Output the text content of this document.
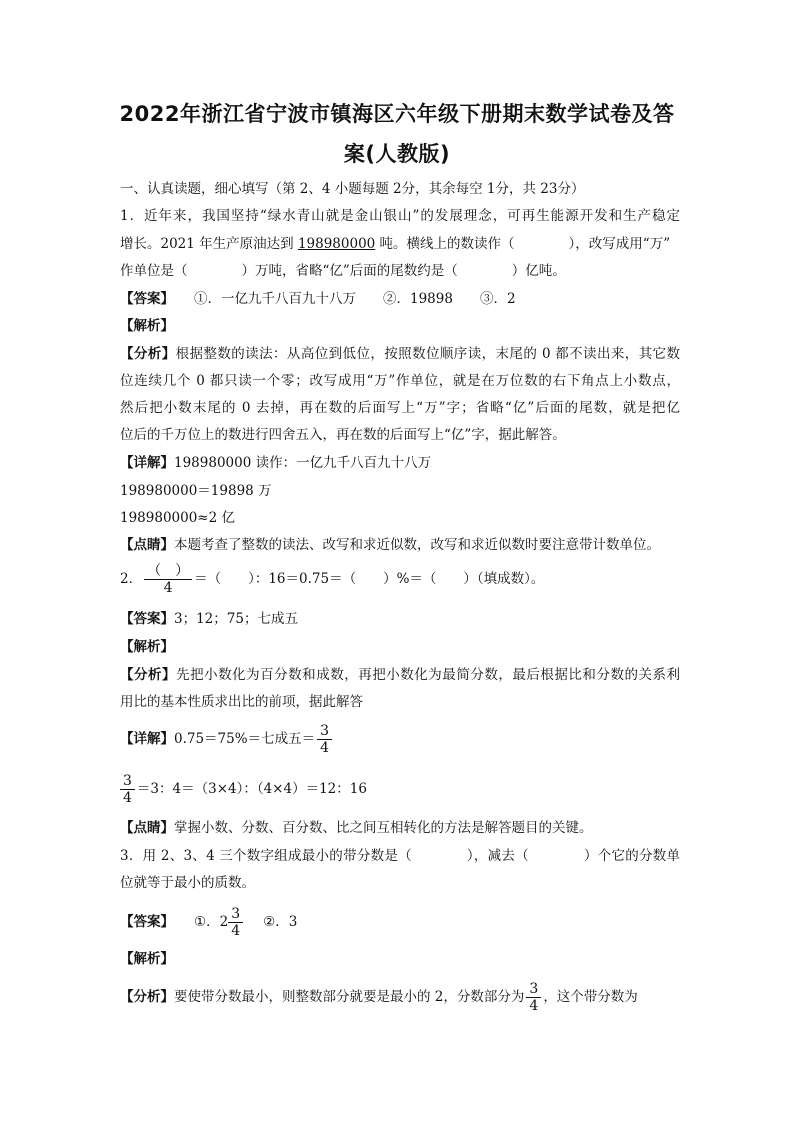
2022年浙江省宁波市镇海区六年级下册期末数学试卷及答
案(人教版)
一、认真读题，细心填写（第 2、4 小题每题 2分，其余每空 1分，共 23分）
1．近年来，我国坚持“绿水青山就是金山银山”的发展理念，可再生能源开发和生产稳定
增长。2021 年生产原油达到 198980000 吨。横线上的数读作（　　　　），改写成用“万”
作单位是（　　　　）万吨，省略“亿”后面的尾数约是（　　　　）亿吨。
【答案】 ①．一亿九千八百九十八万　　②．19898　　③．2
【解析】
【分析】根据整数的读法：从高位到低位，按照数位顺序读，末尾的 0 都不读出来，其它数
位连续几个 0 都只读一个零；改写成用“万”作单位，就是在万位数的右下角点上小数点，
然后把小数末尾的 0 去掉，再在数的后面写上“万”字；省略“亿”后面的尾数，就是把亿
位后的千万位上的数进行四舍五入，再在数的后面写上“亿”字，据此解答。
【详解】198980000 读作：一亿九千八百九十八万
198980000＝19898 万
198980000≈2 亿
【点睛】本题考查了整数的读法、改写和求近似数，改写和求近似数时要注意带计数单位。
2． $\frac{( )}{4}$ ＝（　　）：16＝0.75＝（　　）%＝（　　）（填成数）。
【答案】3；12；75；七成五
【解析】
【分析】先把小数化为百分数和成数，再把小数化为最简分数，最后根据比和分数的关系利
用比的基本性质求出比的前项，据此解答
【详解】0.75＝75%＝七成五＝ $\frac{3}{4}$
$\frac{3}{4} =3$：4＝（3×4）：（4×4）＝12：16
【点睛】掌握小数、分数、百分数、比之间互相转化的方法是解答题目的关键。
3．用 2、3、4 三个数字组成最小的带分数是（　　　　），减去（　　　　）个它的分数单
位就等于最小的质数。
【答案】 ①．$2 \frac{3}{4}$ ②．3
【解析】
【分析】要使带分数最小，则整数部分就要是最小的 2，分数部分为 $\frac{3}{4}$ ，这个带分数为
